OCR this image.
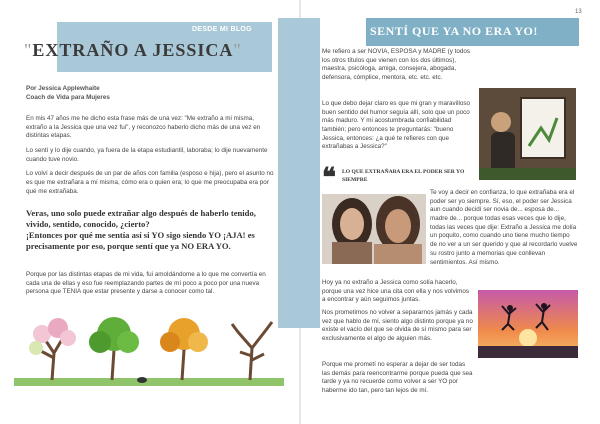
DESDE MI BLOG
"EXTRAÑO A JESSICA"
Por Jessica Applewhaite
Coach de Vida para Mujeres

En mis 47 años me he dicho esta frase más de una vez: "Me extraño a mi misma, extraño a la Jessica que una vez fui", y reconozco haberlo dicho más de una vez en distintas etapas.

Lo sentí y lo dije cuando, ya fuera de la etapa estudiantil, laboraba; lo dije nuevamente cuando tuve novio.

Lo volví a decir después de un par de años con familia (esposo e hija), pero el asunto no es que me extrañara a mí misma, cómo era o quien era; lo que me preocupaba era por qué me extrañaba.

Veras, uno solo puede extrañar algo después de haberlo tenido, vivido, sentido, conocido, ¿cierto?
¡Entonces por qué me sentía así si YO sigo siendo YO ¡AJA! es precisamente por eso, porque sentí que ya NO ERA YO.

Porque por las distintas etapas de mi vida, fui amoldándome a lo que me convertía en cada una de ellas y eso fue reemplazando partes de mí poco a poco por una nueva persona que TENIA que estar presente y darse a conocer como tal.

13
SENTÍ QUE YA NO ERA YO!
Me refiero a ser NOVIA, ESPOSA y MADRE (y todos los otros títulos que vienen con los dos últimos), maestra, psicóloga, amiga, consejera, abogada, defensora, cómplice, mentora, etc. etc. etc.
Lo que debo dejar claro es que mi gran y maravilloso buen sentido del humor seguía allí, solo que un poco más maduro. Y mi acostumbrada confiabilidad también; pero entonces te preguntarás: "bueno Jessica, entonces: ¿a qué te refieres con que extrañabas a Jessica?"
❝ LO QUE EXTRAÑABA ERA EL PODER SER YO SIEMPRE
Te voy a decir en confianza, lo que extrañaba era el poder ser yo siempre. Sí, eso, el poder ser Jessica aun cuando decidí ser novia de... esposa de... madre de... porque todas esas veces que lo dije, todas las veces que dije: Extraño a Jessica me dolía un poquito, como cuando uno tiene mucho tiempo de no ver a un ser querido y que al recordarlo vuelve su rostro junto a memorias que conllevan sentimientos. Así mismo.
Hoy ya no extraño a Jessica como solía hacerlo, porque una vez hice una cita con ella y nos volvimos a encontrar y aún seguimos juntas.
Nos prometimos no volver a separarnos jamás y cada vez que hablo de mí, siento algo distinto porque ya no existe el vacío del que se olvida de sí mismo para ser exclusivamente el algo de alguien más.
Porque me prometí no esperar a dejar de ser todas las demás para reencontrarme porque pueda que sea tarde y ya no recuerde como volver a ser YO por haberme ido tan, pero tan lejos de mí.
